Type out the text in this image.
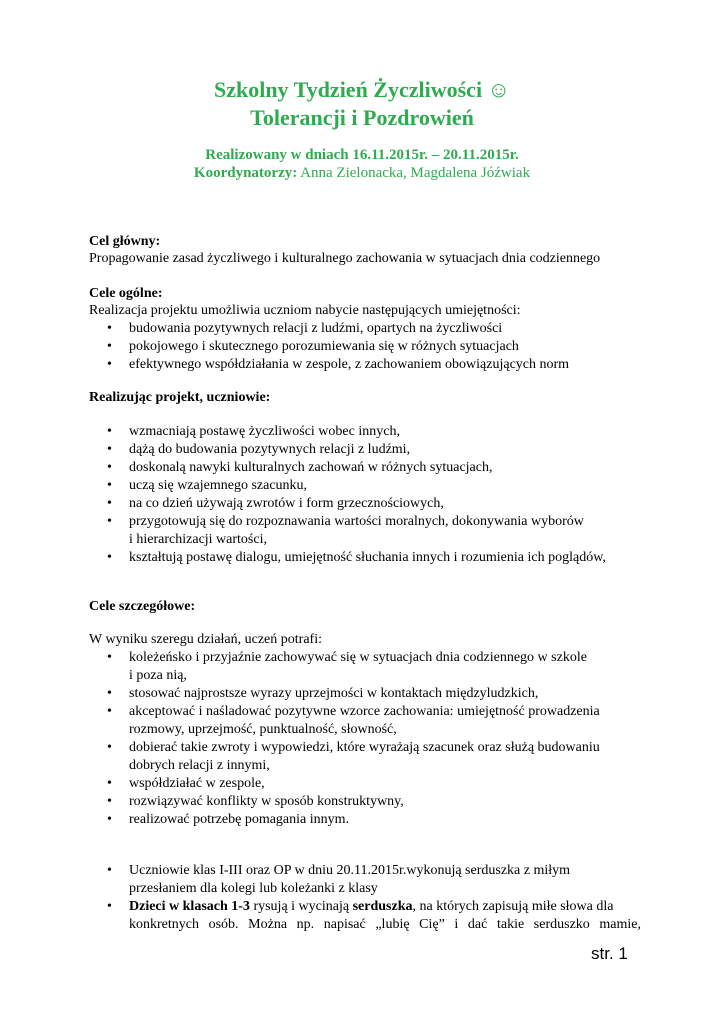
Szkolny Tydzień Życzliwości ☺
Tolerancji i Pozdrowień
Realizowany w dniach 16.11.2015r. – 20.11.2015r.
Koordynatorzy: Anna Zielonacka, Magdalena Jóźwiak
Cel główny:
Propagowanie zasad życzliwego i kulturalnego zachowania w sytuacjach dnia codziennego
Cele ogólne:
Realizacja projektu umożliwia uczniom nabycie następujących umiejętności:
• budowania pozytywnych relacji z ludźmi, opartych na życzliwości
• pokojowego i skutecznego porozumiewania się w różnych sytuacjach
• efektywnego współdziałania w zespole, z zachowaniem obowiązujących norm
Realizując projekt, uczniowie:
• wzmacniają postawę życzliwości wobec innych,
• dążą do budowania pozytywnych relacji z ludźmi,
• doskonalą nawyki kulturalnych zachowań w różnych sytuacjach,
• uczą się wzajemnego szacunku,
• na co dzień używają zwrotów i form grzecznościowych,
• przygotowują się do rozpoznawania wartości moralnych, dokonywania wyborów
i hierarchizacji wartości,
• kształtują postawę dialogu, umiejętność słuchania innych i rozumienia ich poglądów,
Cele szczegółowe:
W wyniku szeregu działań, uczeń potrafi:
• koleżeńsko i przyjaźnie zachowywać się w sytuacjach dnia codziennego w szkole
i poza nią,
• stosować najprostsze wyrazy uprzejmości w kontaktach międzyludzkich,
• akceptować i naśladować pozytywne wzorce zachowania: umiejętność prowadzenia
rozmowy, uprzejmość, punktualność, słowność,
• dobierać takie zwroty i wypowiedzi, które wyrażają szacunek oraz służą budowaniu
dobrych relacji z innymi,
• współdziałać w zespole,
• rozwiązywać konflikty w sposób konstruktywny,
• realizować potrzebę pomagania innym.
• Uczniowie klas I-III oraz OP w dniu 20.11.2015r.wykonują serduszka z miłym
przesłaniem dla kolegi lub koleżanki z klasy
• Dzieci w klasach 1-3 rysują i wycinają serduszka, na których zapisują miłe słowa dla
konkretnych osób. Można np. napisać „lubię Cię” i dać takie serduszko mamie,
str. 1
